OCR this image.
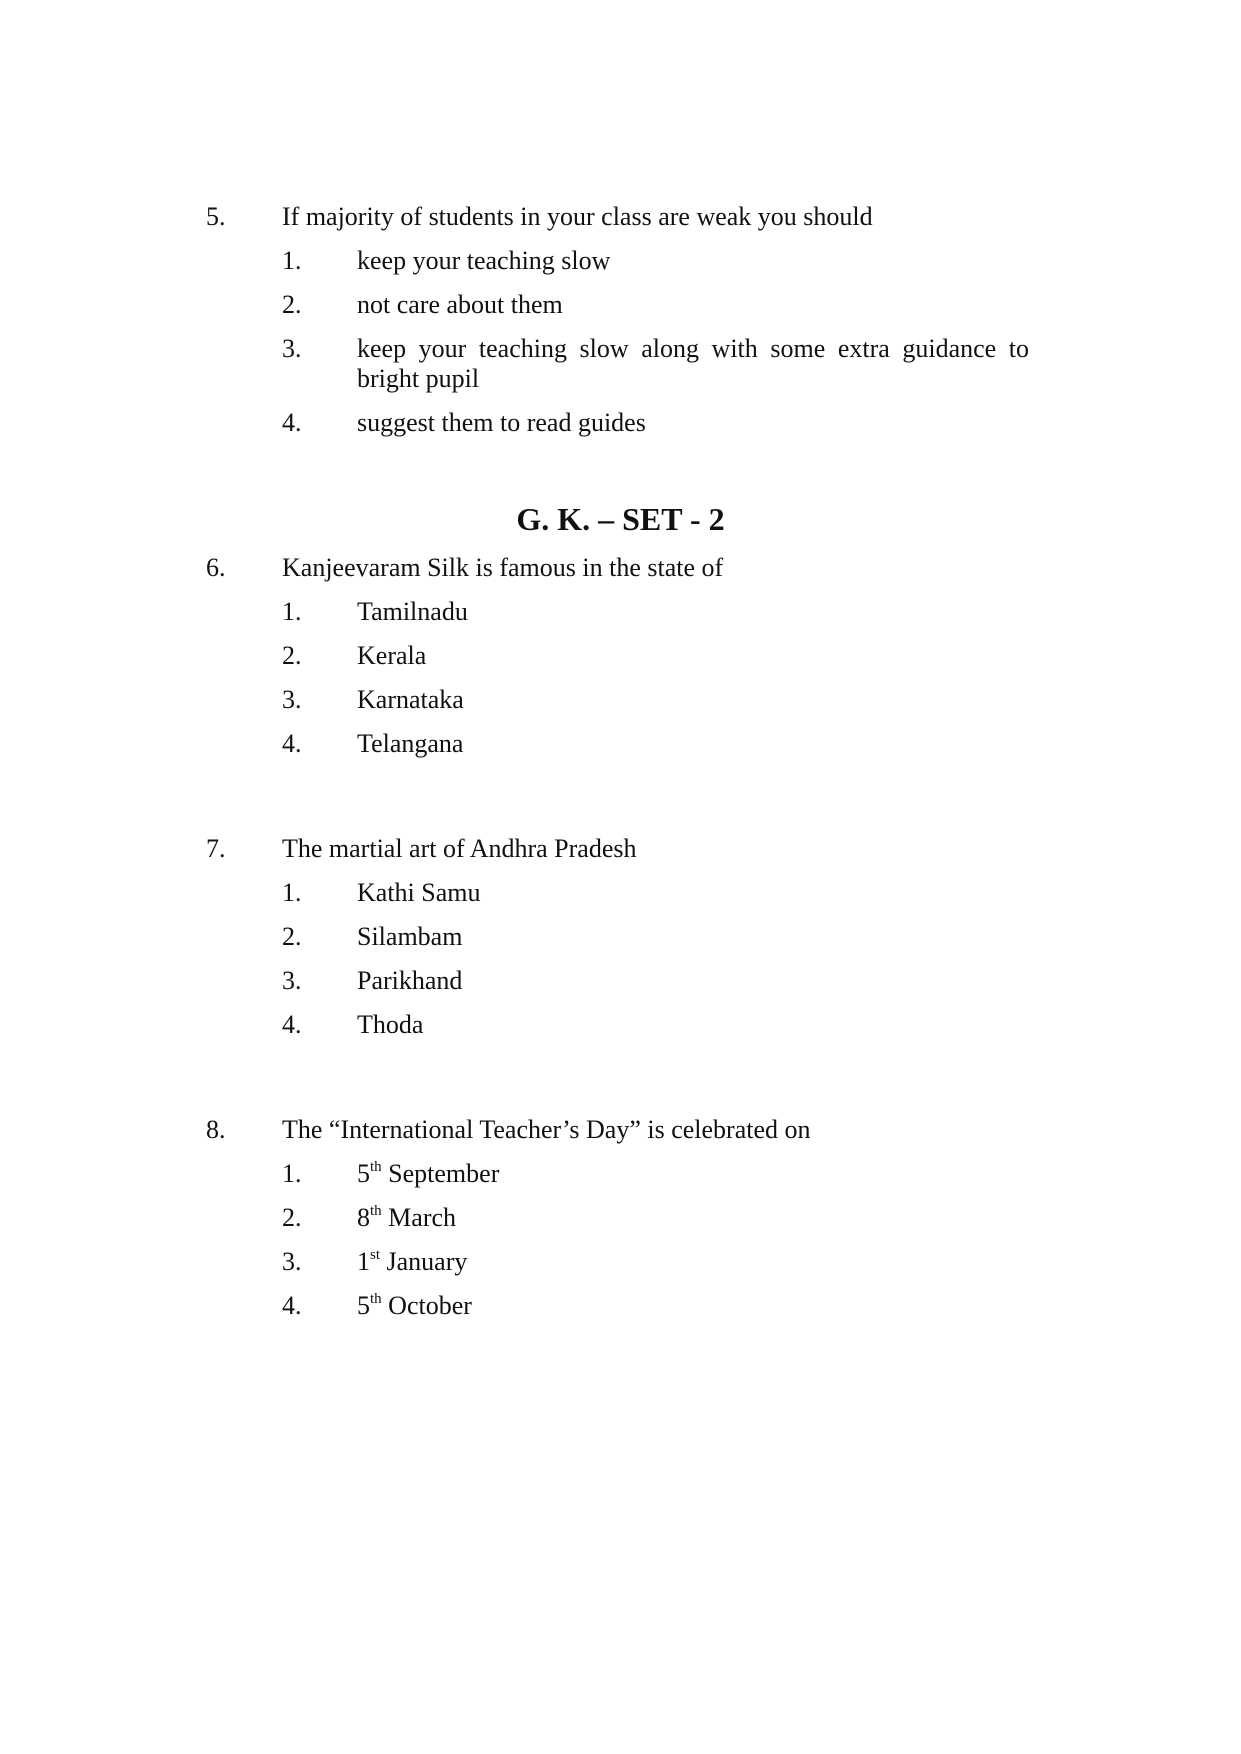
5. If majority of students in your class are weak you should
1. keep your teaching slow
2. not care about them
3. keep your teaching slow along with some extra guidance to bright pupil
4. suggest them to read guides
G. K. – SET - 2
6. Kanjeevaram Silk is famous in the state of
1. Tamilnadu
2. Kerala
3. Karnataka
4. Telangana
7. The martial art of Andhra Pradesh
1. Kathi Samu
2. Silambam
3. Parikhand
4. Thoda
8. The “International Teacher’s Day” is celebrated on
1. 5th September
2. 8th March
3. 1st January
4. 5th October
